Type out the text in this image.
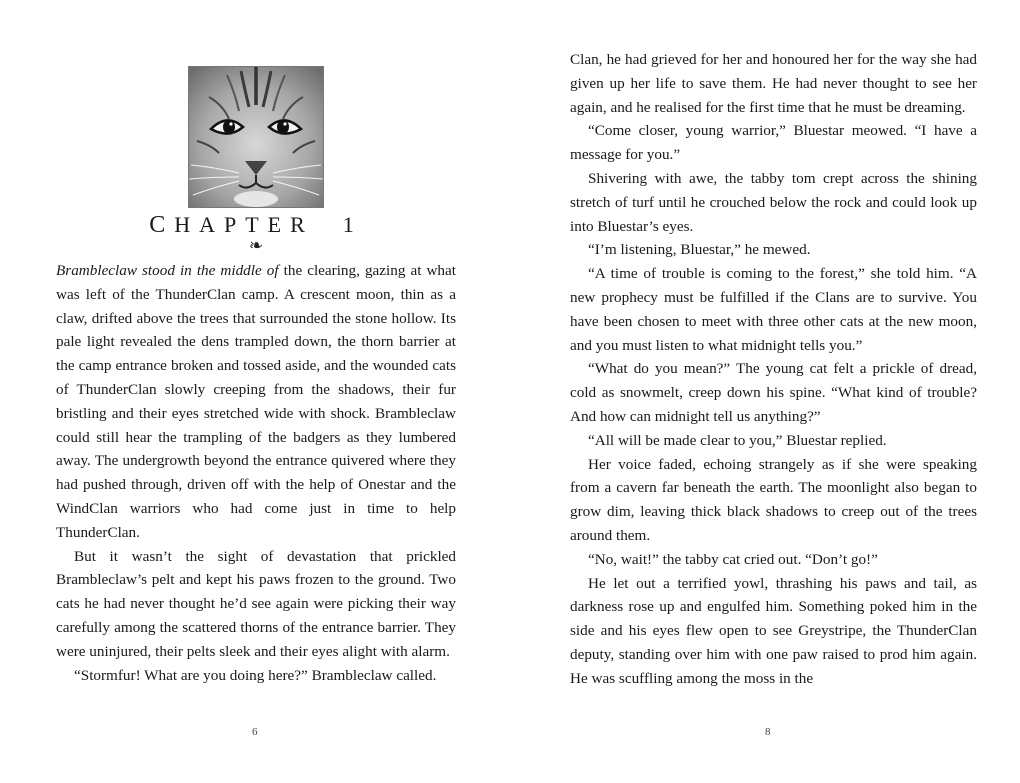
CHAPTER 1
❧

Brambleclaw stood in the middle of the clearing, gazing at what was left of the ThunderClan camp. A crescent moon, thin as a claw, drifted above the trees that surrounded the stone hollow. Its pale light revealed the dens trampled down, the thorn barrier at the camp entrance broken and tossed aside, and the wounded cats of ThunderClan slowly creeping from the shadows, their fur bristling and their eyes stretched wide with shock. Brambleclaw could still hear the trampling of the badgers as they lumbered away. The undergrowth beyond the entrance quivered where they had pushed through, driven off with the help of Onestar and the WindClan warriors who had come just in time to help ThunderClan.

But it wasn’t the sight of devastation that prickled Brambleclaw’s pelt and kept his paws frozen to the ground. Two cats he had never thought he’d see again were picking their way carefully among the scattered thorns of the entrance barrier. They were uninjured, their pelts sleek and their eyes alight with alarm.

“Stormfur! What are you doing here?” Brambleclaw called.

6

Clan, he had grieved for her and honoured her for the way she had given up her life to save them. He had never thought to see her again, and he realised for the first time that he must be dreaming.

“Come closer, young warrior,” Bluestar meowed. “I have a message for you.”

Shivering with awe, the tabby tom crept across the shining stretch of turf until he crouched below the rock and could look up into Bluestar’s eyes.

“I’m listening, Bluestar,” he mewed.

“A time of trouble is coming to the forest,” she told him. “A new prophecy must be fulfilled if the Clans are to survive. You have been chosen to meet with three other cats at the new moon, and you must listen to what midnight tells you.”

“What do you mean?” The young cat felt a prickle of dread, cold as snowmelt, creep down his spine. “What kind of trouble? And how can midnight tell us anything?”

“All will be made clear to you,” Bluestar replied.

Her voice faded, echoing strangely as if she were speaking from a cavern far beneath the earth. The moonlight also began to grow dim, leaving thick black shadows to creep out of the trees around them.

“No, wait!” the tabby cat cried out. “Don’t go!”

He let out a terrified yowl, thrashing his paws and tail, as darkness rose up and engulfed him. Something poked him in the side and his eyes flew open to see Greystripe, the ThunderClan deputy, standing over him with one paw raised to prod him again. He was scuffling among the moss in the

8
